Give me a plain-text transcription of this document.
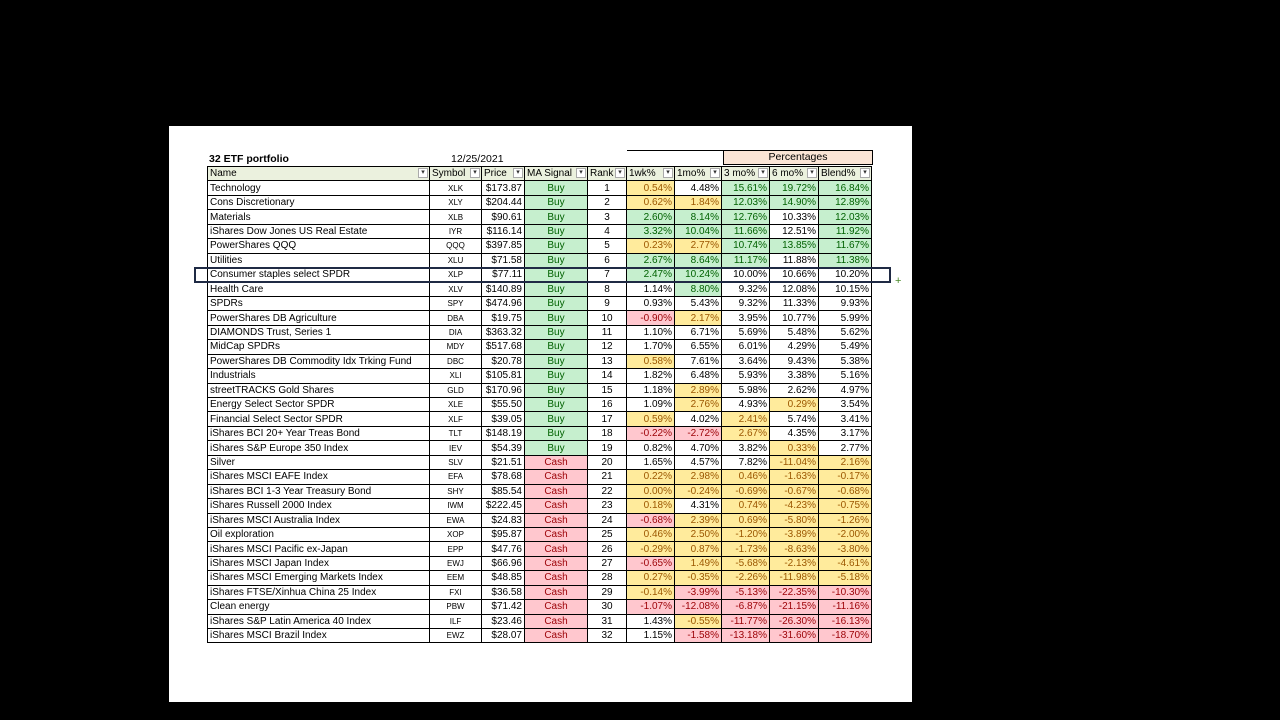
32 ETF portfolio	12/25/2021	Percentages
Name ▾	Symbol ▾	Price ▾	MA Signal ▾	Rank ▾	1wk% ▾	1mo% ▾	3 mo% ▾	6 mo% ▾	Blend% ▾

Technology	XLK	$173.87	Buy	1	0.54%	4.48%	15.61%	19.72%	16.84%
Cons Discretionary	XLY	$204.44	Buy	2	0.62%	1.84%	12.03%	14.90%	12.89%
Materials	XLB	$90.61	Buy	3	2.60%	8.14%	12.76%	10.33%	12.03%
iShares Dow Jones US Real Estate	IYR	$116.14	Buy	4	3.32%	10.04%	11.66%	12.51%	11.92%
PowerShares QQQ	QQQ	$397.85	Buy	5	0.23%	2.77%	10.74%	13.85%	11.67%
Utilities	XLU	$71.58	Buy	6	2.67%	8.64%	11.17%	11.88%	11.38%
Consumer staples select SPDR	XLP	$77.11	Buy	7	2.47%	10.24%	10.00%	10.66%	10.20%
Health Care	XLV	$140.89	Buy	8	1.14%	8.80%	9.32%	12.08%	10.15%
SPDRs	SPY	$474.96	Buy	9	0.93%	5.43%	9.32%	11.33%	9.93%
PowerShares DB Agriculture	DBA	$19.75	Buy	10	-0.90%	2.17%	3.95%	10.77%	5.99%
DIAMONDS Trust, Series 1	DIA	$363.32	Buy	11	1.10%	6.71%	5.69%	5.48%	5.62%
MidCap SPDRs	MDY	$517.68	Buy	12	1.70%	6.55%	6.01%	4.29%	5.49%
PowerShares DB Commodity Idx Trking Fund	DBC	$20.78	Buy	13	0.58%	7.61%	3.64%	9.43%	5.38%
Industrials	XLI	$105.81	Buy	14	1.82%	6.48%	5.93%	3.38%	5.16%
streetTRACKS Gold Shares	GLD	$170.96	Buy	15	1.18%	2.89%	5.98%	2.62%	4.97%
Energy Select Sector SPDR	XLE	$55.50	Buy	16	1.09%	2.76%	4.93%	0.29%	3.54%
Financial Select Sector SPDR	XLF	$39.05	Buy	17	0.59%	4.02%	2.41%	5.74%	3.41%
iShares BCI 20+ Year Treas Bond	TLT	$148.19	Buy	18	-0.22%	-2.72%	2.67%	4.35%	3.17%
iShares S&P Europe 350 Index	IEV	$54.39	Buy	19	0.82%	4.70%	3.82%	0.33%	2.77%
Silver	SLV	$21.51	Cash	20	1.65%	4.57%	7.82%	-11.04%	2.16%
iShares MSCI EAFE Index	EFA	$78.68	Cash	21	0.22%	2.98%	0.46%	-1.63%	-0.17%
iShares BCI 1-3 Year Treasury Bond	SHY	$85.54	Cash	22	0.00%	-0.24%	-0.69%	-0.67%	-0.68%
iShares Russell 2000 Index	IWM	$222.45	Cash	23	0.18%	4.31%	0.74%	-4.23%	-0.75%
iShares MSCI Australia Index	EWA	$24.83	Cash	24	-0.68%	2.39%	0.69%	-5.80%	-1.26%
Oil exploration	XOP	$95.87	Cash	25	0.46%	2.50%	-1.20%	-3.89%	-2.00%
iShares MSCI Pacific ex-Japan	EPP	$47.76	Cash	26	-0.29%	0.87%	-1.73%	-8.63%	-3.80%
iShares MSCI Japan Index	EWJ	$66.96	Cash	27	-0.65%	1.49%	-5.68%	-2.13%	-4.61%
iShares MSCI Emerging Markets Index	EEM	$48.85	Cash	28	0.27%	-0.35%	-2.26%	-11.98%	-5.18%
iShares FTSE/Xinhua China 25 Index	FXI	$36.58	Cash	29	-0.14%	-3.99%	-5.13%	-22.35%	-10.30%
Clean energy	PBW	$71.42	Cash	30	-1.07%	-12.08%	-6.87%	-21.15%	-11.16%
iShares S&P Latin America 40 Index	ILF	$23.46	Cash	31	1.43%	-0.55%	-11.77%	-26.30%	-16.13%
iShares MSCI Brazil Index	EWZ	$28.07	Cash	32	1.15%	-1.58%	-13.18%	-31.60%	-18.70%
+
